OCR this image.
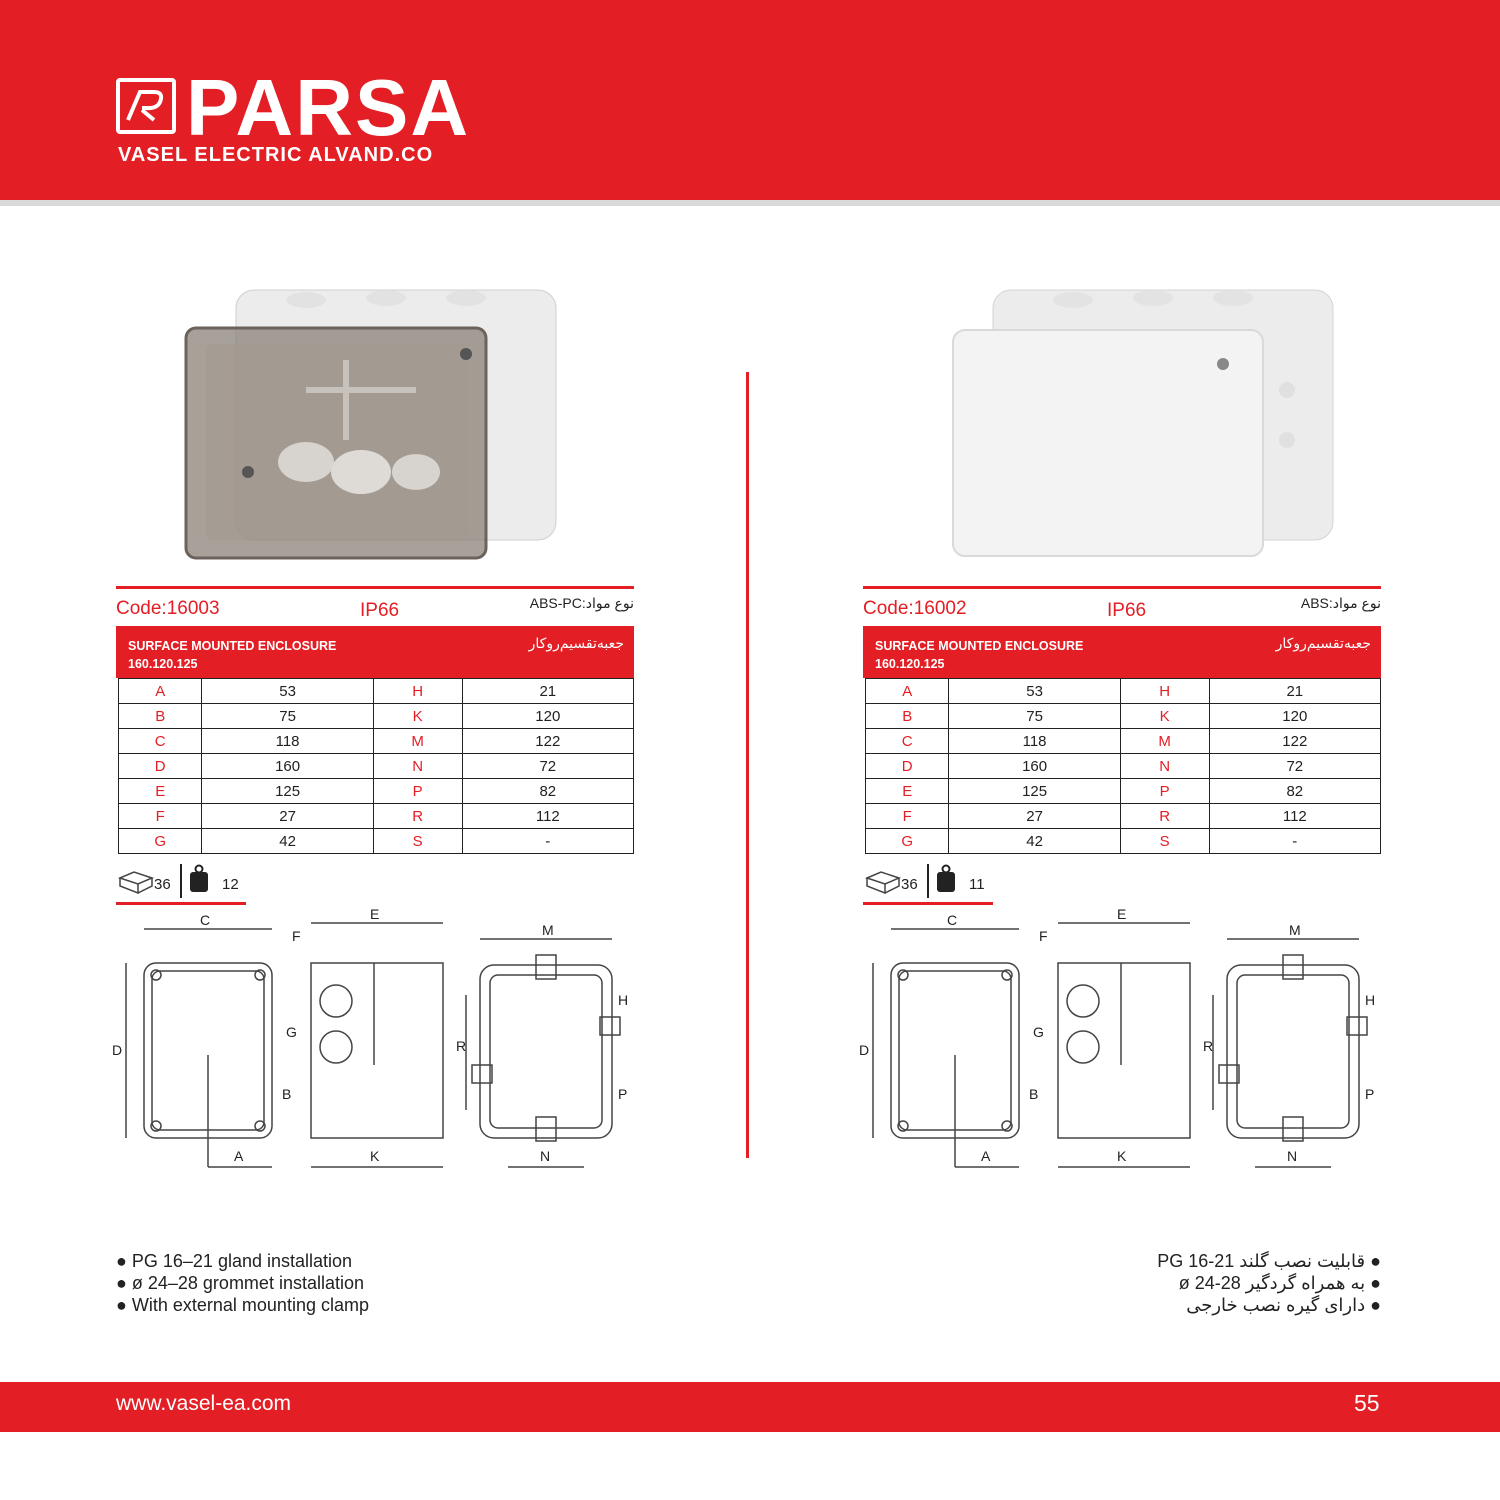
PARSA
VASEL ELECTRIC ALVAND.CO
Code:16003	IP66	نوع مواد:ABS-PC
SURFACE MOUNTED ENCLOSURE
160.120.125
جعبه‌تقسیم‌روکار
A	53	H	21
B	75	K	120
C	118	M	122
D	160	N	72
E	125	P	82
F	27	R	112
G	42	S	-
36	12
C
D
A
B
E
F
G
K
M
R
H
P
N
● PG 16–21 gland installation
● ø 24–28 grommet installation
● With external mounting clamp
Code:16002	IP66	نوع مواد:ABS
SURFACE MOUNTED ENCLOSURE
160.120.125
جعبه‌تقسیم‌روکار
A	53	H	21
B	75	K	120
C	118	M	122
D	160	N	72
E	125	P	82
F	27	R	112
G	42	S	-
36	11
C
D
A
B
E
F
G
K
M
R
H
P
N
● قابلیت نصب گلند PG 16-21
● به همراه گردگیر ø 24-28
● دارای گیره نصب خارجی
www.vasel-ea.com	55
